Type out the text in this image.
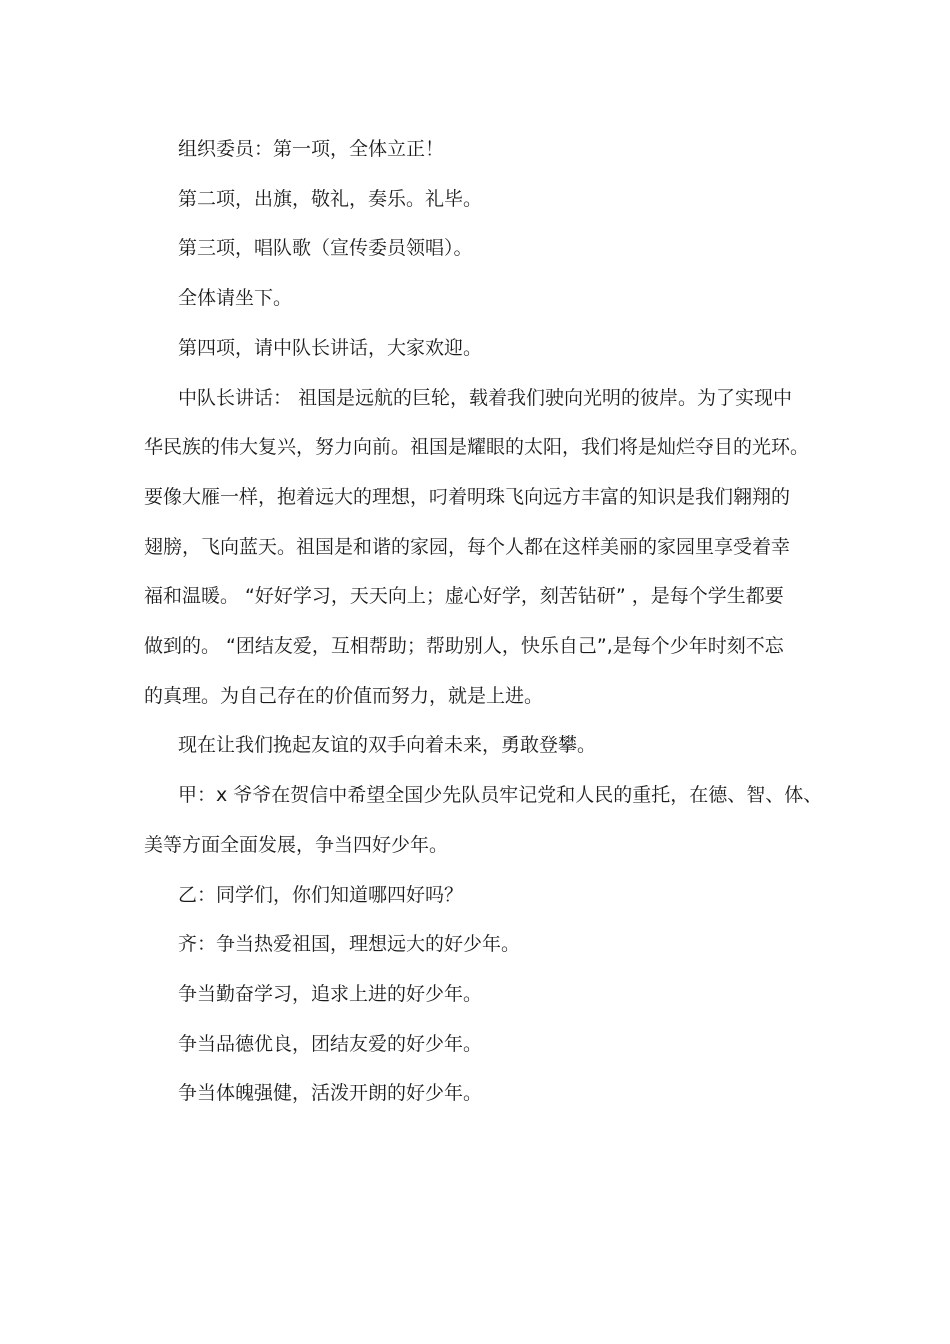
组织委员：第一项，全体立正！

第二项，出旗，敬礼，奏乐。礼毕。

第三项，唱队歌（宣传委员领唱）。

全体请坐下。

第四项，请中队长讲话，大家欢迎。

中队长讲话： 祖国是远航的巨轮，载着我们驶向光明的彼岸。为了实现中
华民族的伟大复兴，努力向前。祖国是耀眼的太阳，我们将是灿烂夺目的光环。
要像大雁一样，抱着远大的理想，叼着明珠飞向远方丰富的知识是我们翱翔的
翅膀，飞向蓝天。祖国是和谐的家园，每个人都在这样美丽的家园里享受着幸
福和温暖。 “好好学习，天天向上；虚心好学，刻苦钻研” ，是每个学生都要
做到的。 “团结友爱，互相帮助；帮助别人，快乐自己”,是每个少年时刻不忘
的真理。为自己存在的价值而努力，就是上进。

现在让我们挽起友谊的双手向着未来，勇敢登攀。

甲：x 爷爷在贺信中希望全国少先队员牢记党和人民的重托，在德、智、体、
美等方面全面发展，争当四好少年。

乙：同学们，你们知道哪四好吗？

齐：争当热爱祖国，理想远大的好少年。

争当勤奋学习，追求上进的好少年。

争当品德优良，团结友爱的好少年。

争当体魄强健，活泼开朗的好少年。
